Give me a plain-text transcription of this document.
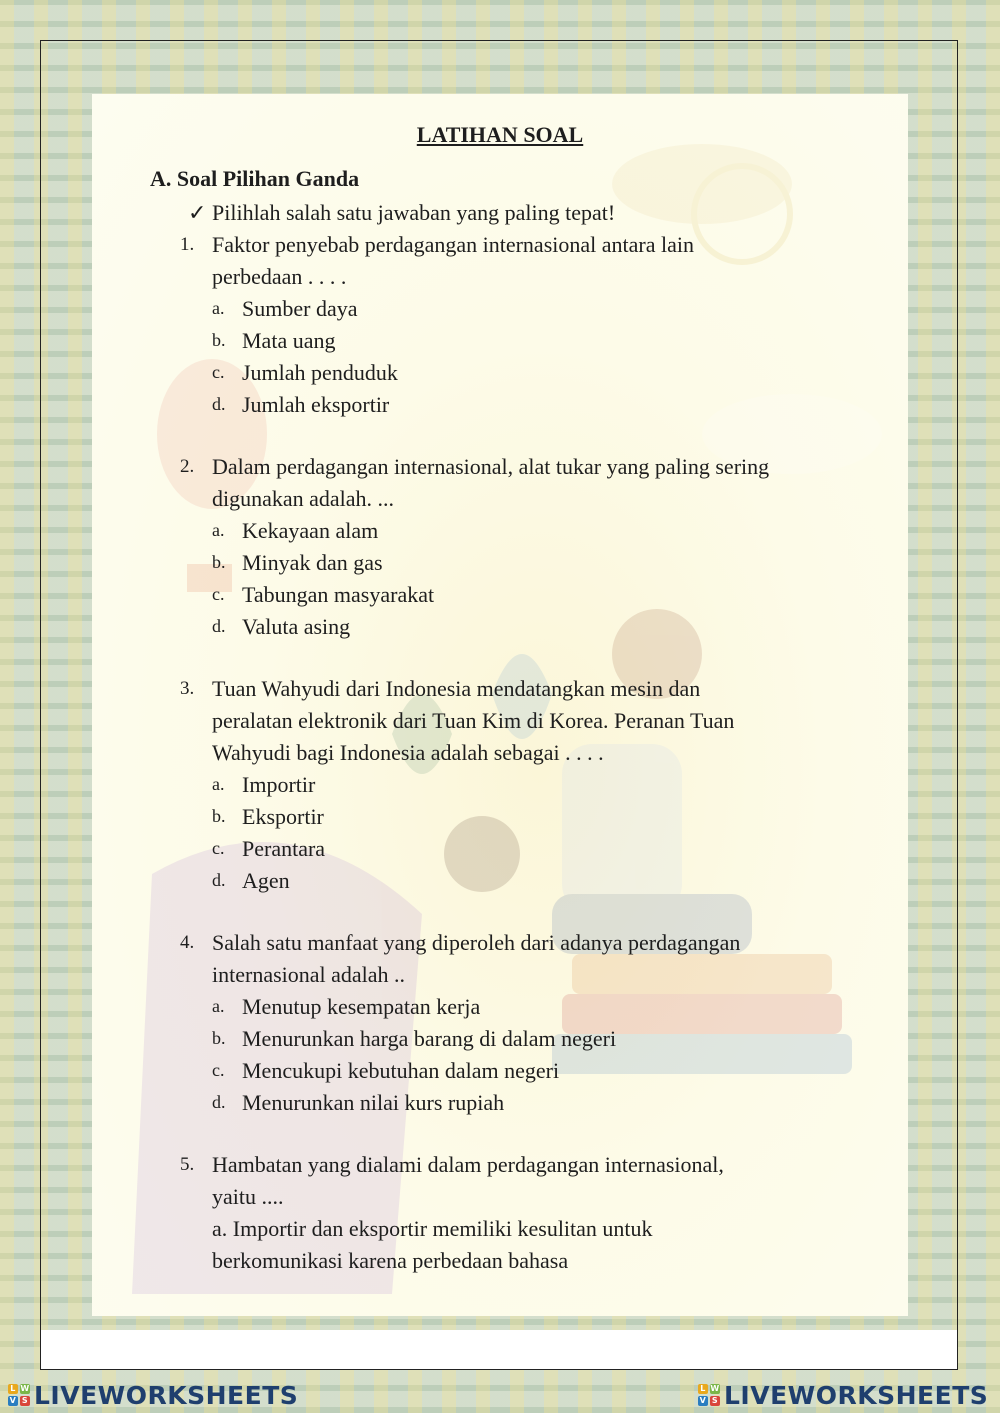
LATIHAN SOAL
A. Soal Pilihan Ganda
✓ Pilihlah salah satu jawaban yang paling tepat!
1. Faktor penyebab perdagangan internasional antara lain
perbedaan . . . .
a. Sumber daya
b. Mata uang
c. Jumlah penduduk
d. Jumlah eksportir
2. Dalam perdagangan internasional, alat tukar yang paling sering
digunakan adalah. ...
a. Kekayaan alam
b. Minyak dan gas
c. Tabungan masyarakat
d. Valuta asing
3. Tuan Wahyudi dari Indonesia mendatangkan mesin dan
peralatan elektronik dari Tuan Kim di Korea. Peranan Tuan
Wahyudi bagi Indonesia adalah sebagai . . . .
a. Importir
b. Eksportir
c. Perantara
d. Agen
4. Salah satu manfaat yang diperoleh dari adanya perdagangan
internasional adalah ..
a. Menutup kesempatan kerja
b. Menurunkan harga barang di dalam negeri
c. Mencukupi kebutuhan dalam negeri
d. Menurunkan nilai kurs rupiah
5. Hambatan yang dialami dalam perdagangan internasional,
yaitu ....
a. Importir dan eksportir memiliki kesulitan untuk
berkomunikasi karena perbedaan bahasa
L W
V S LIVEWORKSHEETS	L W
V S LIVEWORKSHEETS
